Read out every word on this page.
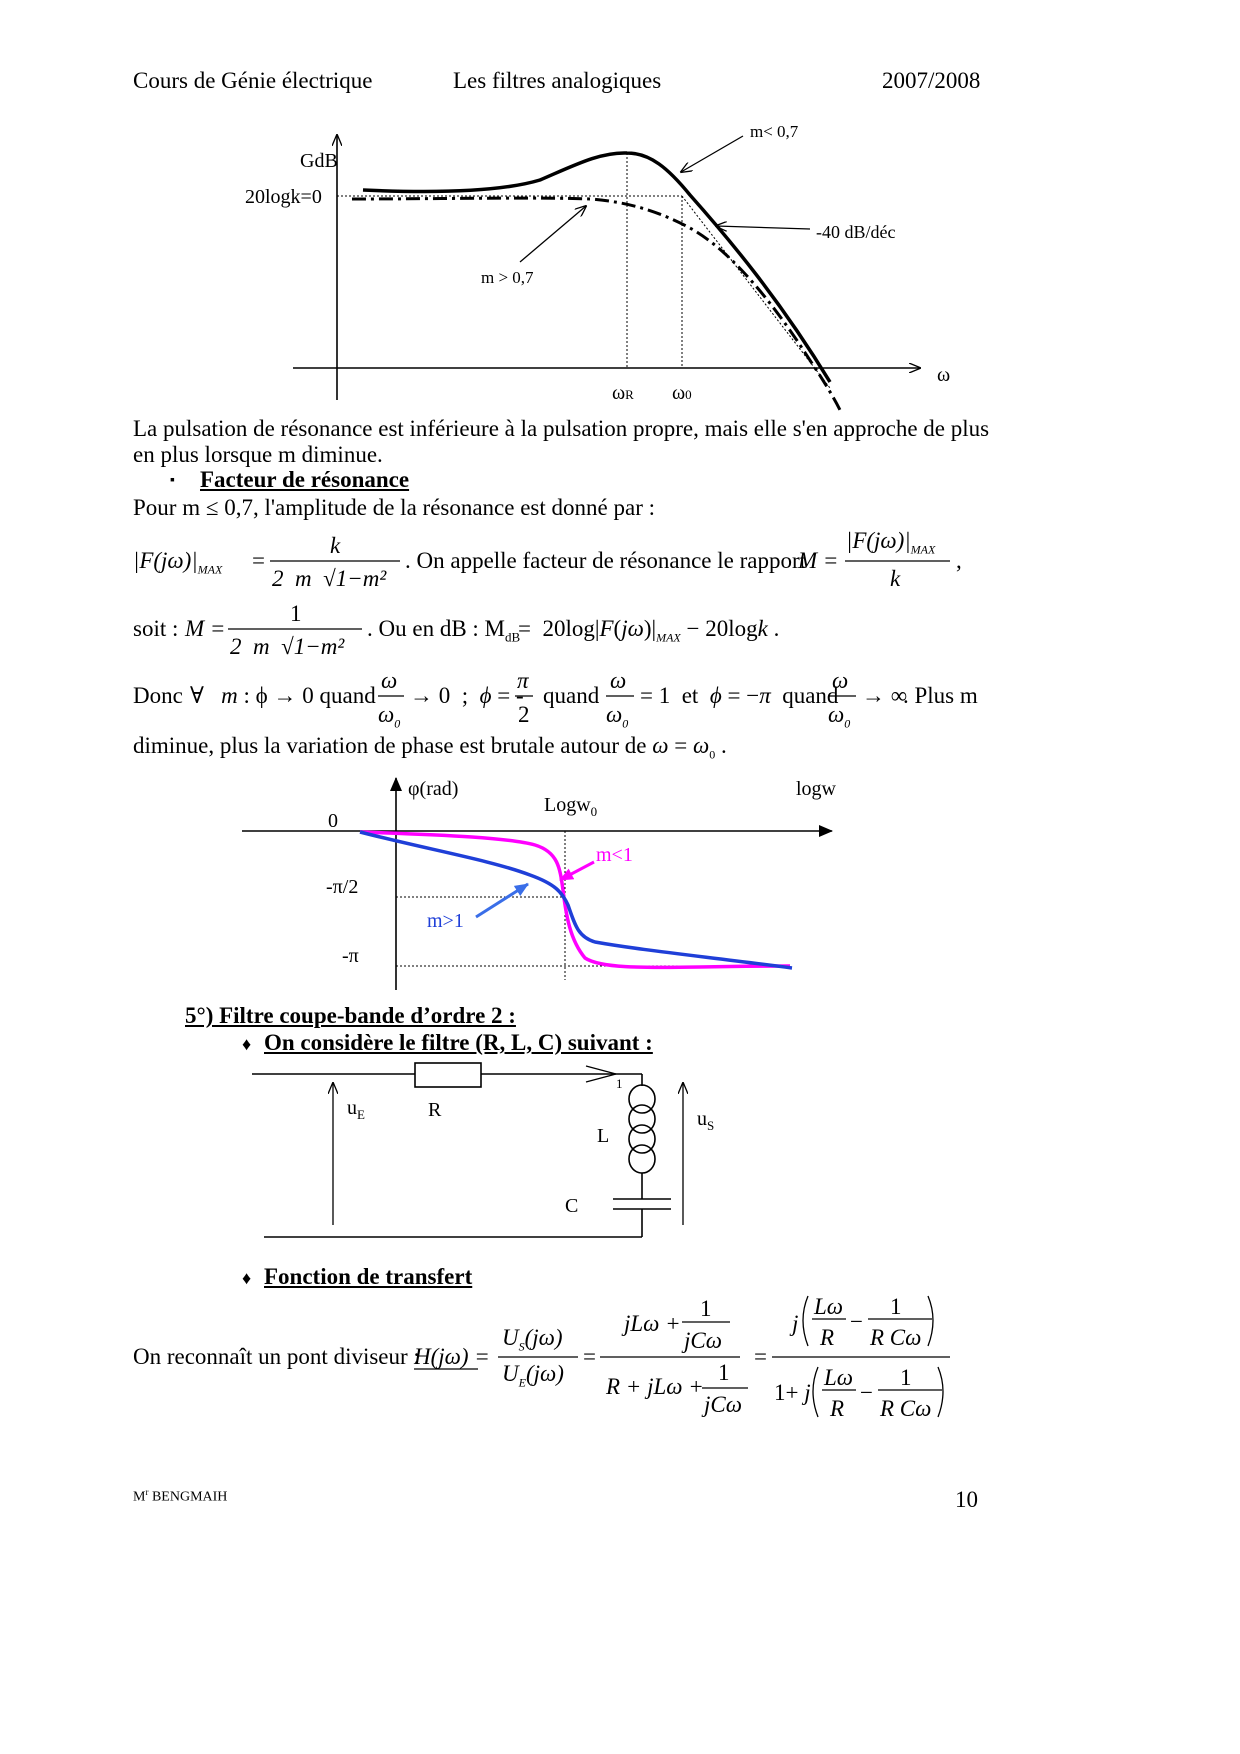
Cours de Génie électrique	Les filtres analogiques	2007/2008
GdB
20logk=0
ω
m< 0,7
m > 0,7
-40 dB/déc
ωR ω0
La pulsation de résonance est inférieure à la pulsation propre, mais elle s'en approche de plus
en plus lorsque m diminue.
▪ Facteur de résonance
Pour m ≤ 0,7, l'amplitude de la résonance est donné par :
$|F(j\omega)|_{MAX}$ =
k
2  m  √1−m²
. On appelle facteur de résonance le rapport
M =
$|F(j\omega)|_{MAX}$
k
,
soit : M =
1
2  m  √1−m²
. Ou en dB : $M_{dB}$
=  $20\log|F(j\omega)|_{MAX} - 20\log k$ .
Donc ∀   m : ϕ → 0 quand
ω
$\omega_0$
→ 0  ;  ϕ = -
π
2
quand
ω
$\omega_0$
= 1  et  ϕ = −π  quand
ω
$\omega_0$
→ ∞
. Plus m
diminue, plus la variation de phase est brutale autour de $\omega = \omega_0$ .
φ(rad)	logw
Logw$_0$
0
-π/2
-π
m<1
m>1
5°) Filtre coupe-bande d’ordre 2 :
♦ On considère le filtre (R, L, C) suivant :
$u_E$	R
L
C
$u_S$
1
♦ Fonction de transfert
On reconnaît un pont diviseur :
H(jω) =
$U_S(j\omega)$
$U_E(j\omega)$
=
jLω +
1
jCω
R + jLω +
1
jCω
=
j
Lω
R
−
1
R Cω
1+ j
Lω
R
−
1
R Cω
$M^r$ BENGMAIH	10
